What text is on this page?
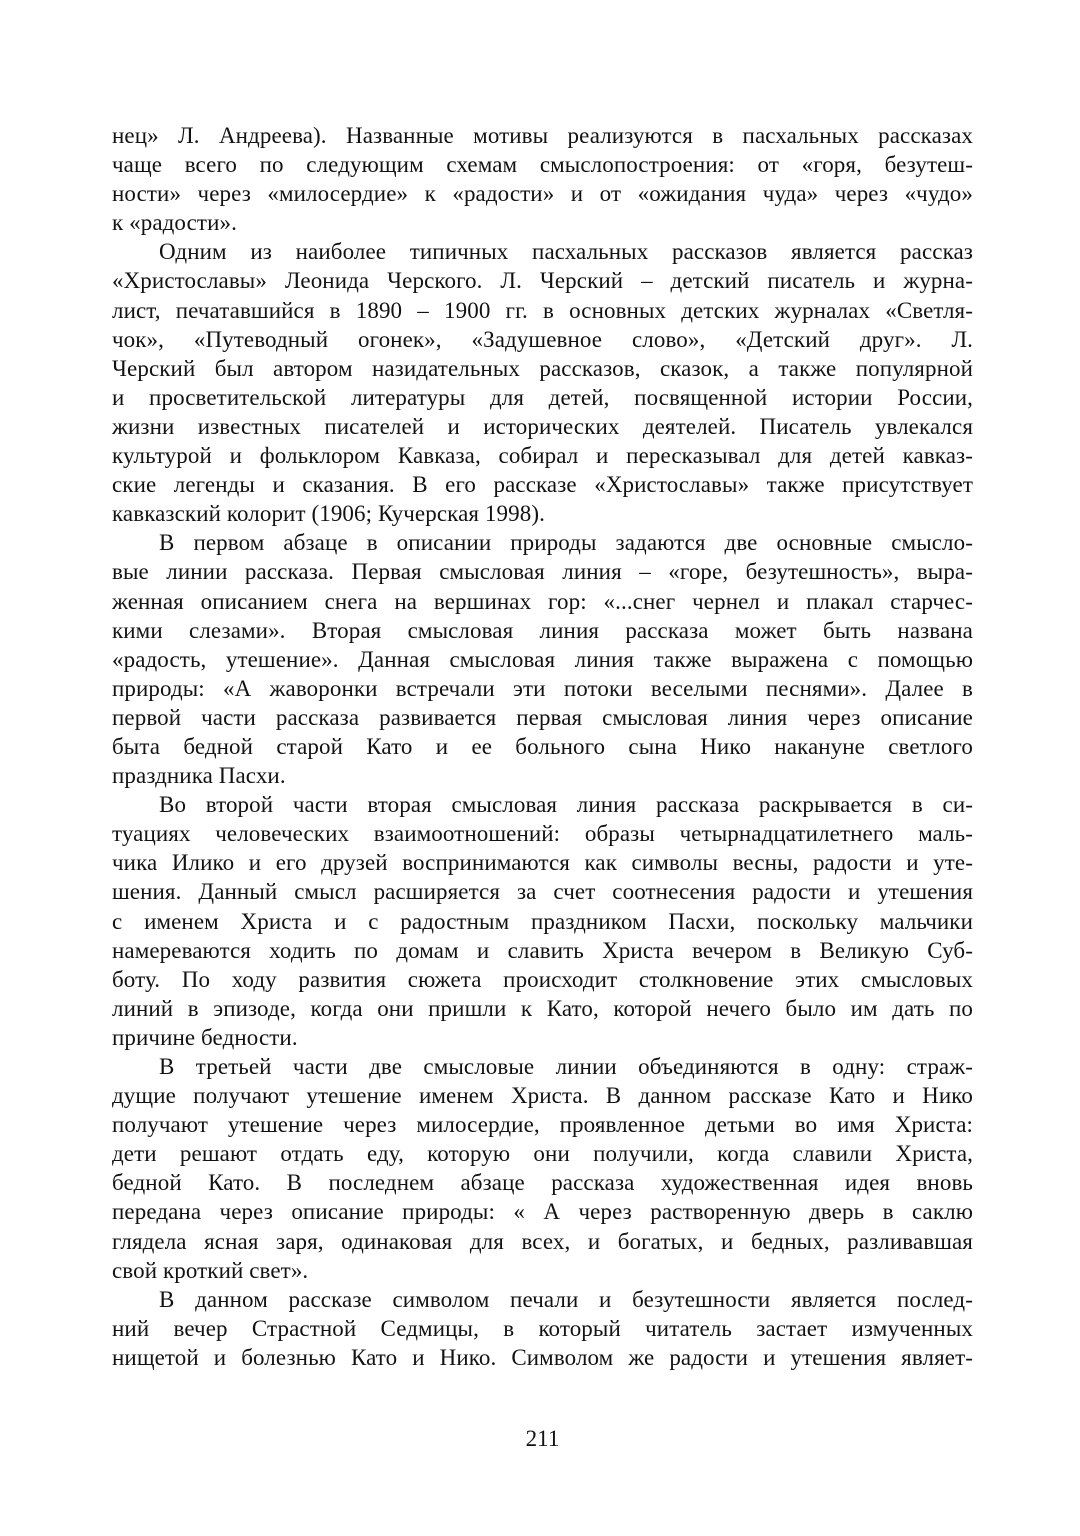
нец» Л. Андреева). Названные мотивы реализуются в пасхальных рассказах
чаще всего по следующим схемам смыслопостроения: от «горя, безутеш-
ности» через «милосердие» к «радости» и от «ожидания чуда» через «чудо»
к «радости».
Одним из наиболее типичных пасхальных рассказов является рассказ
«Христославы» Леонида Черского. Л. Черский – детский писатель и журна-
лист, печатавшийся в 1890 – 1900 гг. в основных детских журналах «Светля-
чок», «Путеводный огонек», «Задушевное слово», «Детский друг». Л.
Черский был автором назидательных рассказов, сказок, а также популярной
и просветительской литературы для детей, посвященной истории России,
жизни известных писателей и исторических деятелей. Писатель увлекался
культурой и фольклором Кавказа, собирал и пересказывал для детей кавказ-
ские легенды и сказания. В его рассказе «Христославы» также присутствует
кавказский колорит (1906; Кучерская 1998).
В первом абзаце в описании природы задаются две основные смысло-
вые линии рассказа. Первая смысловая линия – «горе, безутешность», выра-
женная описанием снега на вершинах гор: «...снег чернел и плакал старчес-
кими слезами». Вторая смысловая линия рассказа может быть названа
«радость, утешение». Данная смысловая линия также выражена с помощью
природы: «А жаворонки встречали эти потоки веселыми песнями». Далее в
первой части рассказа развивается первая смысловая линия через описание
быта бедной старой Като и ее больного сына Нико накануне светлого
праздника Пасхи.
Во второй части вторая смысловая линия рассказа раскрывается в си-
туациях человеческих взаимоотношений: образы четырнадцатилетнего маль-
чика Илико и его друзей воспринимаются как символы весны, радости и уте-
шения. Данный смысл расширяется за счет соотнесения радости и утешения
с именем Христа и с радостным праздником Пасхи, поскольку мальчики
намереваются ходить по домам и славить Христа вечером в Великую Суб-
боту. По ходу развития сюжета происходит столкновение этих смысловых
линий в эпизоде, когда они пришли к Като, которой нечего было им дать по
причине бедности.
В третьей части две смысловые линии объединяются в одну: страж-
дущие получают утешение именем Христа. В данном рассказе Като и Нико
получают утешение через милосердие, проявленное детьми во имя Христа:
дети решают отдать еду, которую они получили, когда славили Христа,
бедной Като. В последнем абзаце рассказа художественная идея вновь
передана через описание природы: « А через растворенную дверь в саклю
глядела ясная заря, одинаковая для всех, и богатых, и бедных, разливавшая
свой кроткий свет».
В данном рассказе символом печали и безутешности является послед-
ний вечер Страстной Седмицы, в который читатель застает измученных
нищетой и болезнью Като и Нико. Символом же радости и утешения являет-
211
